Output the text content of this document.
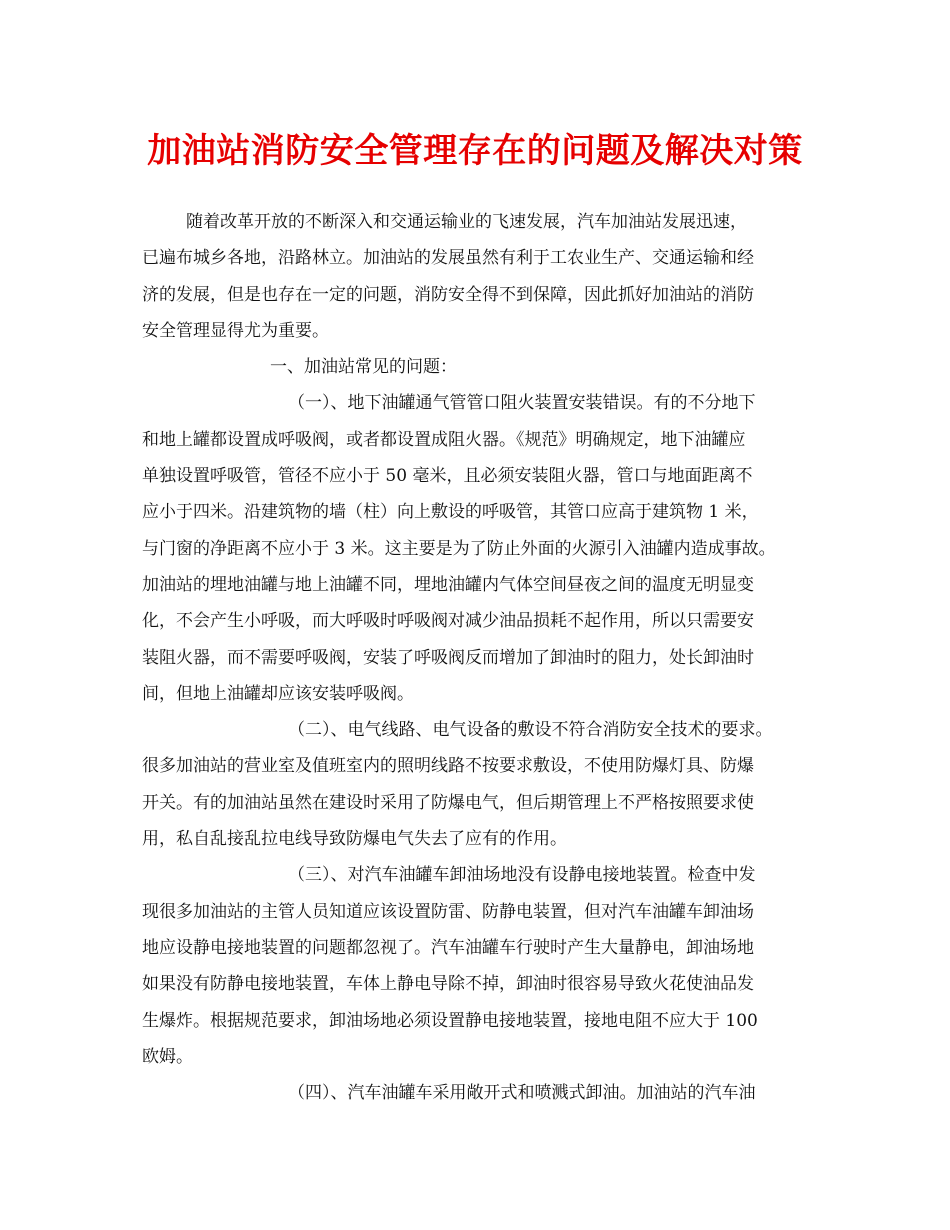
加油站消防安全管理存在的问题及解决对策
随着改革开放的不断深入和交通运输业的飞速发展，汽车加油站发展迅速，
已遍布城乡各地，沿路林立。加油站的发展虽然有利于工农业生产、交通运输和经
济的发展，但是也存在一定的问题，消防安全得不到保障，因此抓好加油站的消防
安全管理显得尤为重要。
一、加油站常见的问题：
（一）、地下油罐通气管管口阻火装置安装错误。有的不分地下
和地上罐都设置成呼吸阀，或者都设置成阻火器。《规范》明确规定，地下油罐应
单独设置呼吸管，管径不应小于 50 毫米，且必须安装阻火器，管口与地面距离不
应小于四米。沿建筑物的墙（柱）向上敷设的呼吸管，其管口应高于建筑物 1 米，
与门窗的净距离不应小于 3 米。这主要是为了防止外面的火源引入油罐内造成事故。
加油站的埋地油罐与地上油罐不同，埋地油罐内气体空间昼夜之间的温度无明显变
化，不会产生小呼吸，而大呼吸时呼吸阀对减少油品损耗不起作用，所以只需要安
装阻火器，而不需要呼吸阀，安装了呼吸阀反而增加了卸油时的阻力，处长卸油时
间，但地上油罐却应该安装呼吸阀。
（二）、电气线路、电气设备的敷设不符合消防安全技术的要求。
很多加油站的营业室及值班室内的照明线路不按要求敷设，不使用防爆灯具、防爆
开关。有的加油站虽然在建设时采用了防爆电气，但后期管理上不严格按照要求使
用，私自乱接乱拉电线导致防爆电气失去了应有的作用。
（三）、对汽车油罐车卸油场地没有设静电接地装置。检查中发
现很多加油站的主管人员知道应该设置防雷、防静电装置，但对汽车油罐车卸油场
地应设静电接地装置的问题都忽视了。汽车油罐车行驶时产生大量静电，卸油场地
如果没有防静电接地装置，车体上静电导除不掉，卸油时很容易导致火花使油品发
生爆炸。根据规范要求，卸油场地必须设置静电接地装置，接地电阻不应大于 100
欧姆。
（四）、汽车油罐车采用敞开式和喷溅式卸油。加油站的汽车油
